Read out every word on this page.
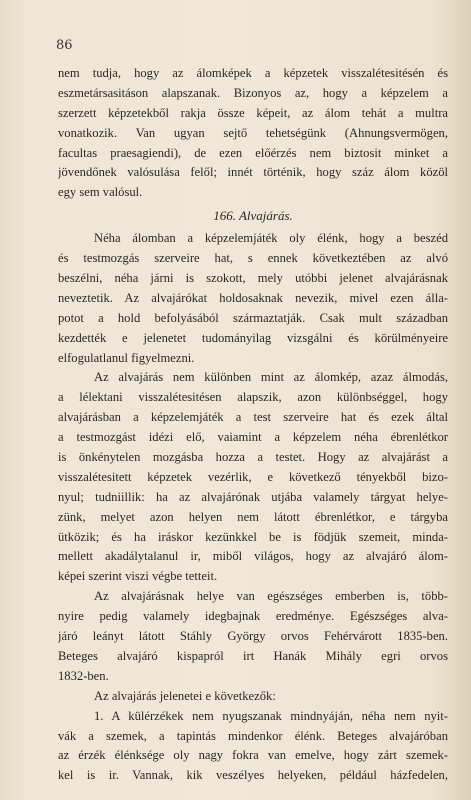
86
nem tudja, hogy az álomképek a képzetek visszalétesitésén és
eszmetársasitáson alapszanak. Bizonyos az, hogy a képzelem a
szerzett képzetekből rakja össze képeit, az álom tehát a multra
vonatkozik. Van ugyan sejtő tehetségünk (Ahnungsvermögen,
facultas praesagiendi), de ezen előérzés nem biztosit minket a
jövendőnek valósulása felől; innét történik, hogy száz álom közöl
egy sem valósul.
166. Alvajárás.
Néha álomban a képzelemjáték oly élénk, hogy a beszéd
és testmozgás szerveire hat, s ennek következtében az alvó
beszélni, néha járni is szokott, mely utóbbi jelenet alvajárásnak
neveztetik. Az alvajárókat holdosaknak nevezik, mivel ezen álla-
potot a hold befolyásából származtatják. Csak mult században
kezdették e jelenetet tudományilag vizsgálni és körülményeire
elfogulatlanul figyelmezni.
Az alvajárás nem különben mint az álomkép, azaz álmodás,
a lélektani visszalétesitésen alapszik, azon különbséggel, hogy
alvajárásban a képzelemjáték a test szerveire hat és ezek által
a testmozgást idézi elő, vaiamint a képzelem néha ébrenlétkor
is önkénytelen mozgásba hozza a testet. Hogy az alvajárást a
visszalétesitett képzetek vezérlik, e következő tényekből bizo-
nyul; tudniillik: ha az alvajárónak utjába valamely tárgyat helye-
zünk, melyet azon helyen nem látott ébrenlétkor, e tárgyba
ütközik; és ha iráskor kezünkkel be is födjük szemeit, minda-
mellett akadálytalanul ir, miből világos, hogy az alvajáró álom-
képei szerint viszi végbe tetteit.
Az alvajárásnak helye van egészséges emberben is, több-
nyire pedig valamely idegbajnak eredménye. Egészséges alva-
járó leányt látott Stáhly György orvos Fehérvárott 1835-ben.
Beteges alvajáró kispapról irt Hanák Mihály egri orvos
1832-ben.
Az alvajárás jelenetei e következők:
1. A külérzékek nem nyugszanak mindnyáján, néha nem nyit-
vák a szemek, a tapintás mindenkor élénk. Beteges alvajáróban
az érzék élénksége oly nagy fokra van emelve, hogy zárt szemek-
kel is ir. Vannak, kik veszélyes helyeken, például házfedelen,
